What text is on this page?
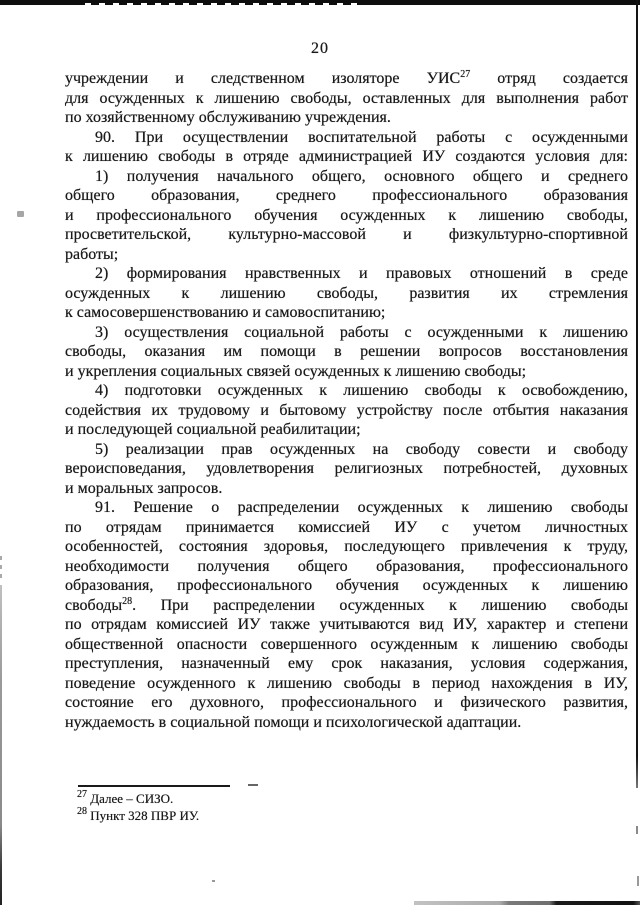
20
учреждении и следственном изоляторе УИС$^{27}$ отряд создается
для осужденных к лишению свободы, оставленных для выполнения работ
по хозяйственному обслуживанию учреждения.
90. При осуществлении воспитательной работы с осужденными
к лишению свободы в отряде администрацией ИУ создаются условия для:
1) получения начального общего, основного общего и среднего
общего образования, среднего профессионального образования
и профессионального обучения осужденных к лишению свободы,
просветительской, культурно-массовой и физкультурно-спортивной
работы;
2) формирования нравственных и правовых отношений в среде
осужденных к лишению свободы, развития их стремления
к самосовершенствованию и самовоспитанию;
3) осуществления социальной работы с осужденными к лишению
свободы, оказания им помощи в решении вопросов восстановления
и укрепления социальных связей осужденных к лишению свободы;
4) подготовки осужденных к лишению свободы к освобождению,
содействия их трудовому и бытовому устройству после отбытия наказания
и последующей социальной реабилитации;
5) реализации прав осужденных на свободу совести и свободу
вероисповедания, удовлетворения религиозных потребностей, духовных
и моральных запросов.
91. Решение о распределении осужденных к лишению свободы
по отрядам принимается комиссией ИУ с учетом личностных
особенностей, состояния здоровья, последующего привлечения к труду,
необходимости получения общего образования, профессионального
образования, профессионального обучения осужденных к лишению
свободы$^{28}$. При распределении осужденных к лишению свободы
по отрядам комиссией ИУ также учитываются вид ИУ, характер и степени
общественной опасности совершенного осужденным к лишению свободы
преступления, назначенный ему срок наказания, условия содержания,
поведение осужденного к лишению свободы в период нахождения в ИУ,
состояние его духовного, профессионального и физического развития,
нуждаемость в социальной помощи и психологической адаптации.
$^{27}$ Далее – СИЗО.
$^{28}$ Пункт 328 ПВР ИУ.
